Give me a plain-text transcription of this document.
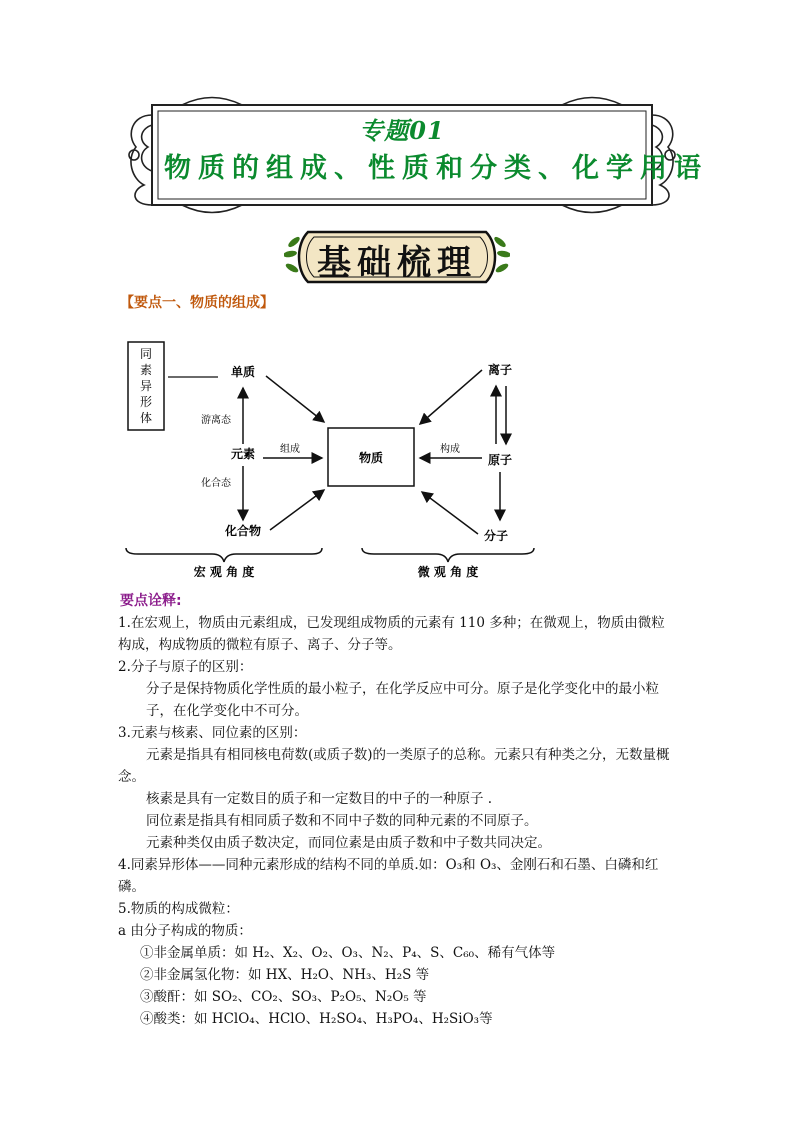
专题01
物质的组成、性质和分类、化学用语
基础梳理
【要点一、物质的组成】
同
素
异
形
体
单质
元素
化合物
游离态
化合态
物质
组成
离子
原子
分子
构成
宏 观 角 度	微 观 角 度
要点诠释:

1.在宏观上，物质由元素组成，已发现组成物质的元素有 110 多种；在微观上，物质由微粒构成，构成物质的微粒有原子、离子、分子等。

2.分子与原子的区别：

分子是保持物质化学性质的最小粒子，在化学反应中可分。原子是化学变化中的最小粒子，在化学变化中不可分。

3.元素与核素、同位素的区别：

元素是指具有相同核电荷数(或质子数)的一类原子的总称。元素只有种类之分，无数量概念。

核素是具有一定数目的质子和一定数目的中子的一种原子 .

同位素是指具有相同质子数和不同中子数的同种元素的不同原子。

元素种类仅由质子数决定，而同位素是由质子数和中子数共同决定。

4.同素异形体——同种元素形成的结构不同的单质.如：O₃和 O₃、金刚石和石墨、白磷和红磷。

5.物质的构成微粒：

a 由分子构成的物质：

①非金属单质：如 H₂、X₂、O₂、O₃、N₂、P₄、S、C₆₀、稀有气体等

②非金属氢化物：如 HX、H₂O、NH₃、H₂S 等

③酸酐：如 SO₂、CO₂、SO₃、P₂O₅、N₂O₅ 等

④酸类：如 HClO₄、HClO、H₂SO₄、H₃PO₄、H₂SiO₃等
